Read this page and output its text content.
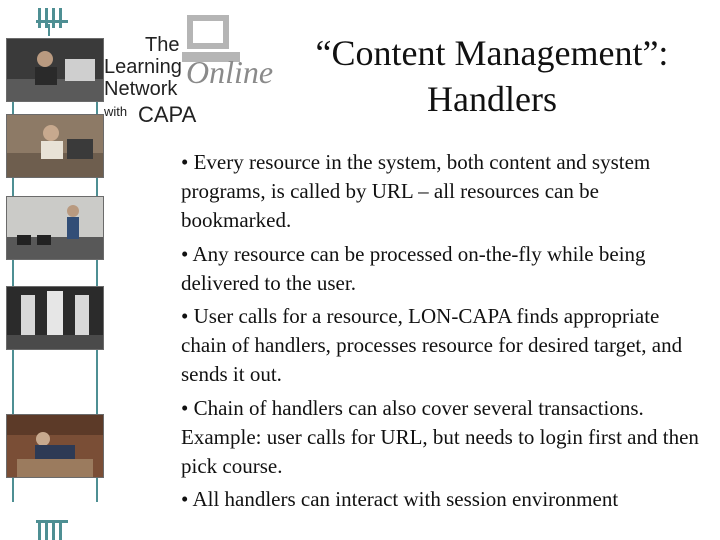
The
Learning
Network
with CAPA
Online	“Content Management”:
Handlers
• Every resource in the system, both content and system programs, is called by URL – all resources can be bookmarked.
• Any resource can be processed on-the-fly while being delivered to the user.
• User calls for a resource, LON-CAPA finds appropriate chain of handlers, processes resource for desired target, and sends it out.
• Chain of handlers can also cover several transactions. Example: user calls for URL, but needs to login first and then pick course.
• All handlers can interact with session environment
